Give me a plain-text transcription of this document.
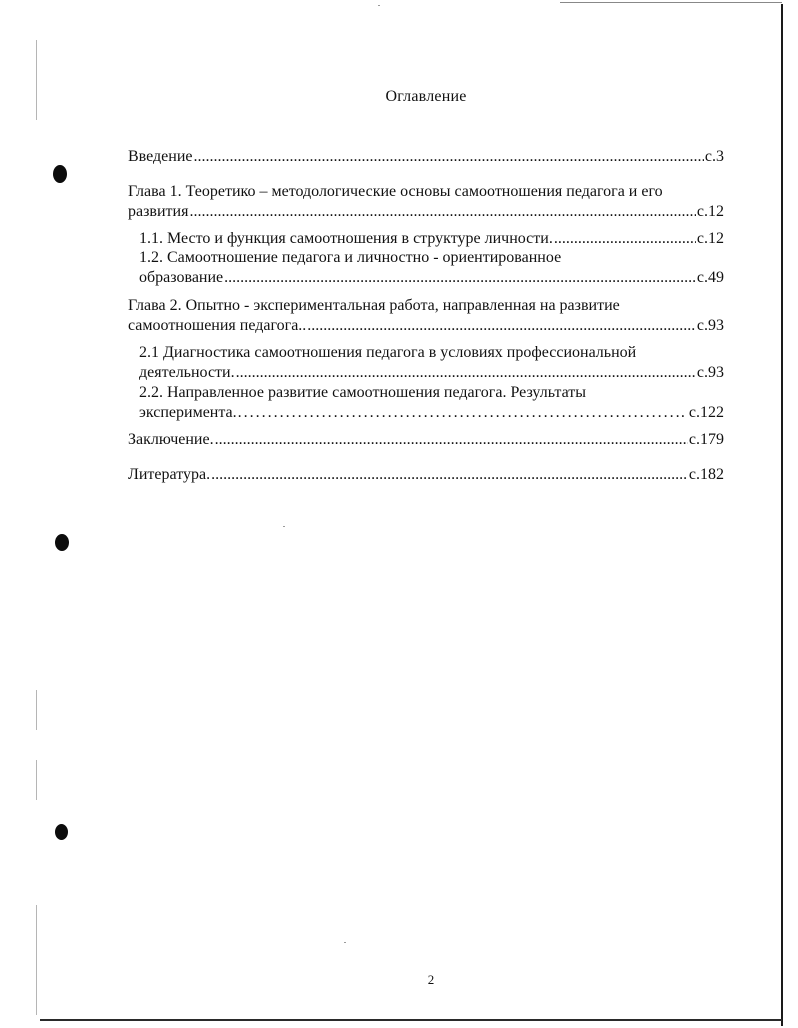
Оглавление
Введение .....	с.3
Глава 1. Теоретико – методологические основы самоотношения педагога и его
развития .....	с.12
1.1. Место и функция самоотношения в структуре личности. .....	с.12
1.2. Самоотношение педагога и личностно - ориентированное
образование .....	с.49
Глава 2. Опытно - экспериментальная работа, направленная на развитие
самоотношения педагога.. .....	с.93
2.1 Диагностика самоотношения педагога в условиях профессиональной
деятельности. .....	с.93
2.2. Направленное развитие самоотношения педагога. Результаты
эксперимента. .....	. с.122
Заключение. .....	с.179
Литература. .....	с.182
2
